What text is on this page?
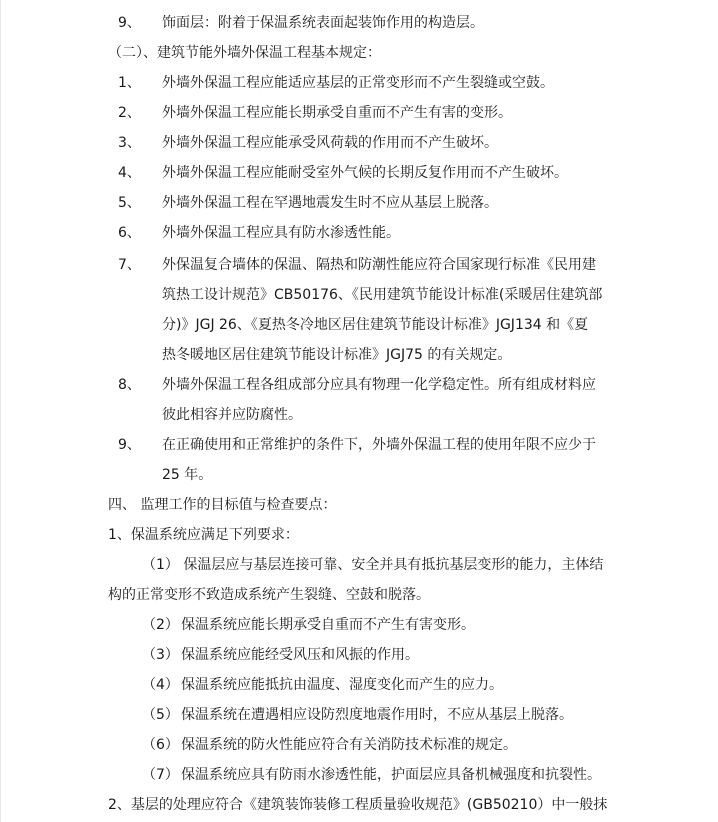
9、 饰面层：附着于保温系统表面起装饰作用的构造层。
（二）、建筑节能外墙外保温工程基本规定：
1、 外墙外保温工程应能适应基层的正常变形而不产生裂缝或空鼓。
2、 外墙外保温工程应能长期承受自重而不产生有害的变形。
3、 外墙外保温工程应能承受风荷载的作用而不产生破坏。
4、 外墙外保温工程应能耐受室外气候的长期反复作用而不产生破坏。
5、 外墙外保温工程在罕遇地震发生时不应从基层上脱落。
6、 外墙外保温工程应具有防水渗透性能。
7、 外保温复合墙体的保温、隔热和防潮性能应符合国家现行标准《民用建
筑热工设计规范》CB50176、《民用建筑节能设计标准(采暖居住建筑部
分)》JGJ 26、《夏热冬冷地区居住建筑节能设计标准》JGJ134 和《夏
热冬暖地区居住建筑节能设计标准》JGJ75 的有关规定。
8、 外墙外保温工程各组成部分应具有物理一化学稳定性。所有组成材料应
彼此相容并应防腐性。
9、 在正确使用和正常维护的条件下，外墙外保温工程的使用年限不应少于
25 年。
四、 监理工作的目标值与检查要点：
1、保温系统应满足下列要求：
（1） 保温层应与基层连接可靠、安全并具有抵抗基层变形的能力，主体结
构的正常变形不致造成系统产生裂缝、空鼓和脱落。
（2） 保温系统应能长期承受自重而不产生有害变形。
（3） 保温系统应能经受风压和风振的作用。
（4） 保温系统应能抵抗由温度、湿度变化而产生的应力。
（5） 保温系统在遭遇相应设防烈度地震作用时，不应从基层上脱落。
（6） 保温系统的防火性能应符合有关消防技术标准的规定。
（7） 保温系统应具有防雨水渗透性能，护面层应具备机械强度和抗裂性。
2、基层的处理应符合《建筑装饰装修工程质量验收规范》(GB50210）中一般抹
